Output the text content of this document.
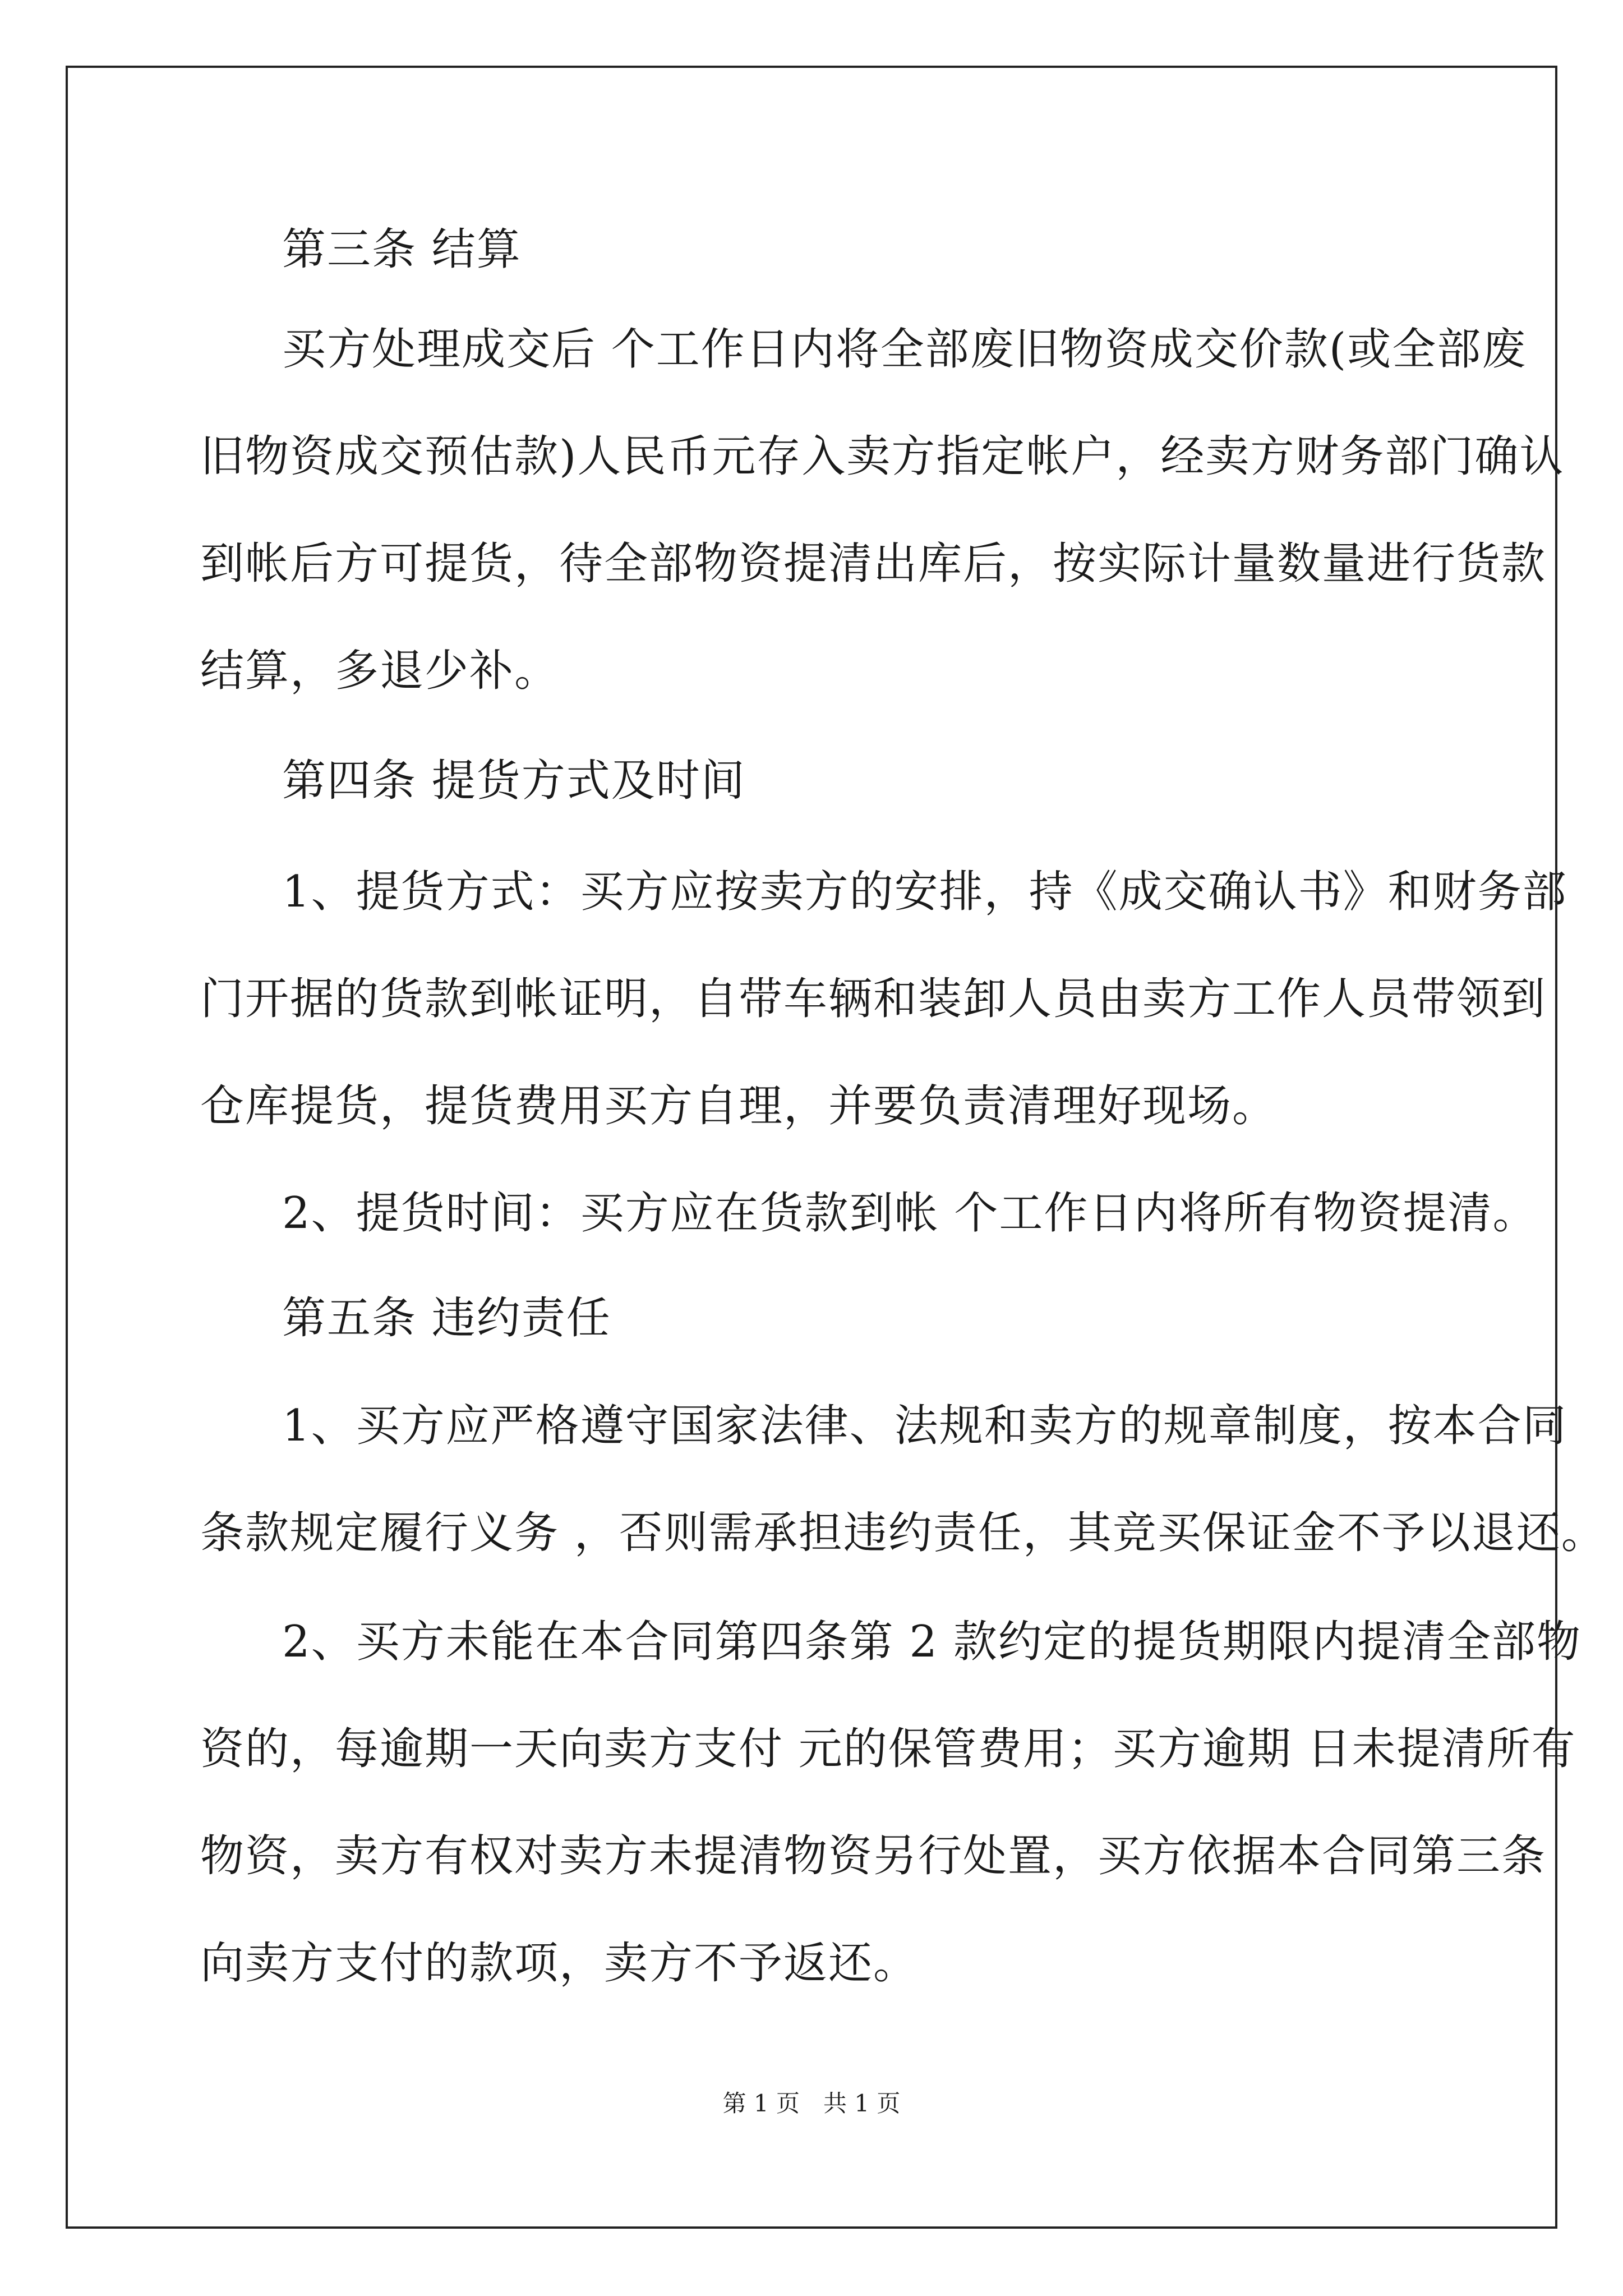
第三条 结算
买方处理成交后 个工作日内将全部废旧物资成交价款(或全部废
旧物资成交预估款)人民币元存入卖方指定帐户，经卖方财务部门确认
到帐后方可提货，待全部物资提清出库后，按实际计量数量进行货款
结算，多退少补。
第四条 提货方式及时间
1、提货方式：买方应按卖方的安排，持《成交确认书》和财务部
门开据的货款到帐证明，自带车辆和装卸人员由卖方工作人员带领到
仓库提货，提货费用买方自理，并要负责清理好现场。
2、提货时间：买方应在货款到帐 个工作日内将所有物资提清。
第五条 违约责任
1、买方应严格遵守国家法律、法规和卖方的规章制度，按本合同
条款规定履行义务 ，否则需承担违约责任，其竞买保证金不予以退还。
2、买方未能在本合同第四条第 2 款约定的提货期限内提清全部物
资的，每逾期一天向卖方支付 元的保管费用；买方逾期 日未提清所有
物资，卖方有权对卖方未提清物资另行处置，买方依据本合同第三条
向卖方支付的款项，卖方不予返还。
第 1 页　共 1 页
